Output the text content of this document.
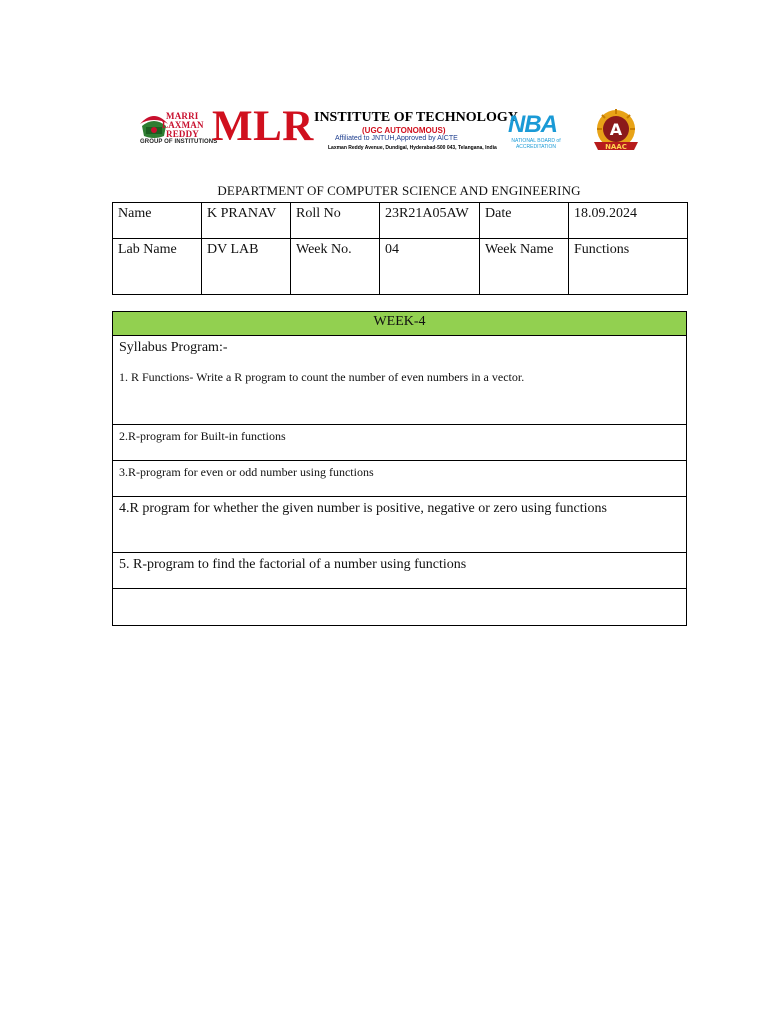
MARRI
LAXMAN
REDDY
GROUP OF INSTITUTIONS
MLR INSTITUTE OF TECHNOLOGY
(UGC AUTONOMOUS)
Affiliated to JNTUH,Approved by AICTE
Laxman Reddy Avenue, Dundigal, Hyderabad-500 043, Telangana, India
NBA
NATIONAL BOARD of ACCREDITATION
A
NAAC
DEPARTMENT OF COMPUTER SCIENCE AND ENGINEERING
Name	K PRANAV	Roll No	23R21A05AW	Date	18.09.2024
Lab Name	DV LAB	Week No.	04	Week Name	Functions
WEEK-4

Syllabus Program:-
1. R Functions- Write a R program to count the number of even numbers in a vector.

2.R-program for Built-in functions
3.R-program for even or odd number using functions
4.R program for whether the given number is positive, negative or zero using functions
5. R-program to find the factorial of a number using functions
